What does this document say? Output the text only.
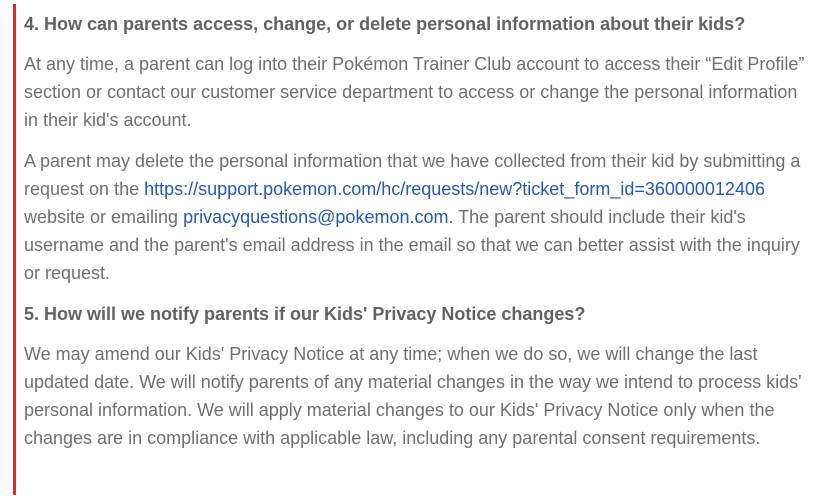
4. How can parents access, change, or delete personal information about their kids?

At any time, a parent can log into their Pokémon Trainer Club account to access their “Edit Profile” section or contact our customer service department to access or change the personal information in their kid's account.

A parent may delete the personal information that we have collected from their kid by submitting a request on the https://support.pokemon.com/hc/requests/new?ticket_form_id=360000012406 website or emailing privacyquestions@pokemon.com. The parent should include their kid's username and the parent's email address in the email so that we can better assist with the inquiry or request.

5. How will we notify parents if our Kids' Privacy Notice changes?

We may amend our Kids' Privacy Notice at any time; when we do so, we will change the last updated date. We will notify parents of any material changes in the way we intend to process kids' personal information. We will apply material changes to our Kids' Privacy Notice only when the changes are in compliance with applicable law, including any parental consent requirements.
